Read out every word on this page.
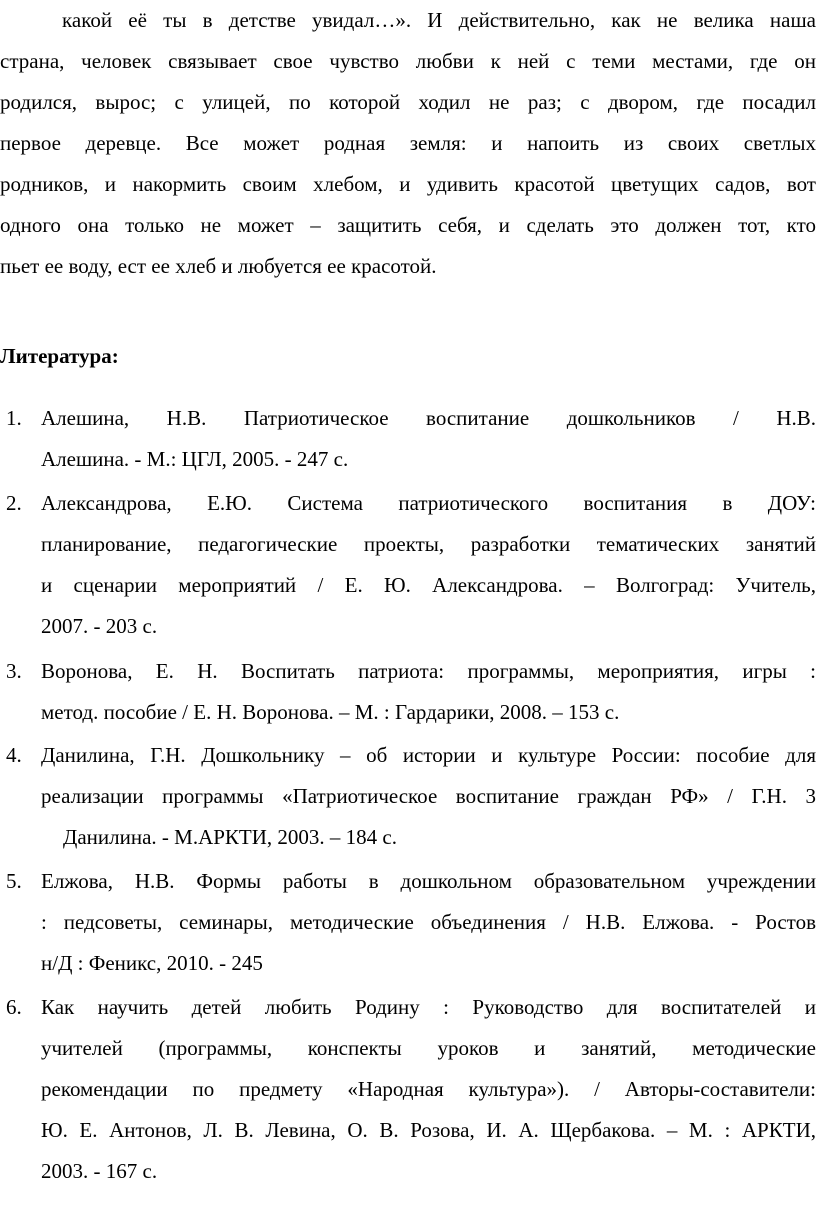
какой её ты в детстве увидал…». И действительно, как не велика наша
страна, человек связывает свое чувство любви к ней с теми местами, где он
родился, вырос; с улицей, по которой ходил не раз; с двором, где посадил
первое деревце. Все может родная земля: и напоить из своих светлых
родников, и накормить своим хлебом, и удивить красотой цветущих садов, вот
одного она только не может – защитить себя, и сделать это должен тот, кто
пьет ее воду, ест ее хлеб и любуется ее красотой.
Литература:
1. Алешина, Н.В. Патриотическое воспитание дошкольников / Н.В.
Алешина. - М.: ЦГЛ, 2005. - 247 с.
2. Александрова, Е.Ю. Система патриотического воспитания в ДОУ:
планирование, педагогические проекты, разработки тематических занятий
и сценарии мероприятий / Е. Ю. Александрова. – Волгоград: Учитель,
2007. - 203 с.
3. Воронова, Е. Н. Воспитать патриота: программы, мероприятия, игры :
метод. пособие / Е. Н. Воронова. – М. : Гардарики, 2008. – 153 с.
4. Данилина, Г.Н. Дошкольнику – об истории и культуре России: пособие для
реализации программы «Патриотическое воспитание граждан РФ» / Г.Н. 3
Данилина. - М.АРКТИ, 2003. – 184 с.
5. Елжова, Н.В. Формы работы в дошкольном образовательном учреждении
: педсоветы, семинары, методические объединения / Н.В. Елжова. - Ростов
н/Д : Феникс, 2010. - 245
6. Как научить детей любить Родину : Руководство для воспитателей и
учителей (программы, конспекты уроков и занятий, методические
рекомендации по предмету «Народная культура»). / Авторы-составители:
Ю. Е. Антонов, Л. В. Левина, О. В. Розова, И. А. Щербакова. – М. : АРКТИ,
2003. - 167 с.
